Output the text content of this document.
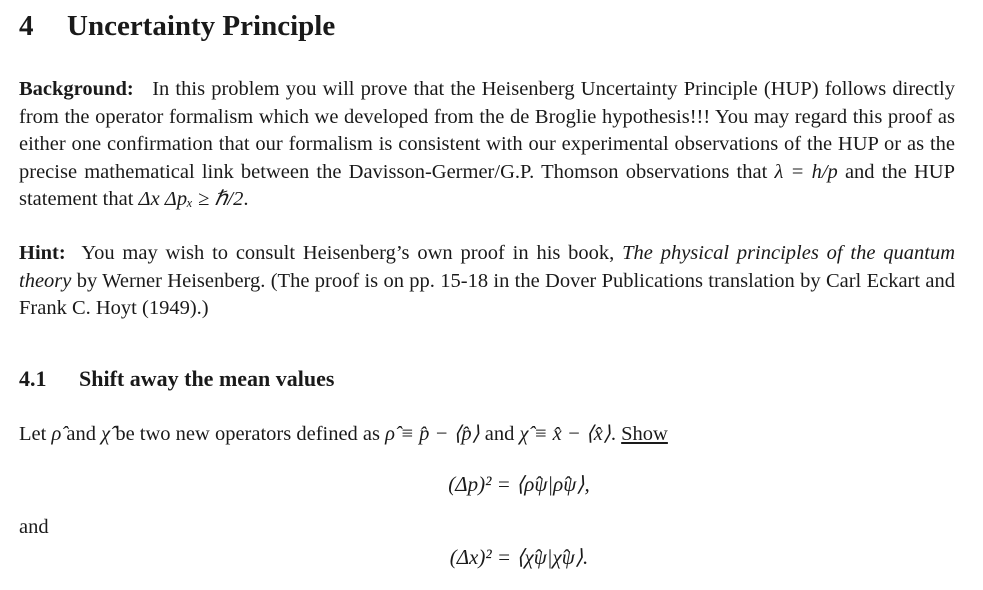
4 Uncertainty Principle
Background: In this problem you will prove that the Heisenberg Uncertainty Principle (HUP) follows directly from the operator formalism which we developed from the de Broglie hypothesis!!! You may regard this proof as either one confirmation that our formalism is consistent with our experimental observations of the HUP or as the precise mathematical link between the Davisson-Germer/G.P. Thomson observations that λ = h/p and the HUP statement that Δx Δpₓ ≥ ℏ/2.
Hint: You may wish to consult Heisenberg’s own proof in his book, The physical principles of the quantum theory by Werner Heisenberg. (The proof is on pp. 15-18 in the Dover Publications translation by Carl Eckart and Frank C. Hoyt (1949).)
4.1 Shift away the mean values
Let ρ̂ and χ̂ be two new operators defined as ρ̂ ≡ p̂ − ⟨p̂⟩ and χ̂ ≡ x̂ − ⟨x̂⟩. Show
(Δp)² = ⟨ρ̂ψ|ρ̂ψ⟩,
and
(Δx)² = ⟨χ̂ψ|χ̂ψ⟩.
